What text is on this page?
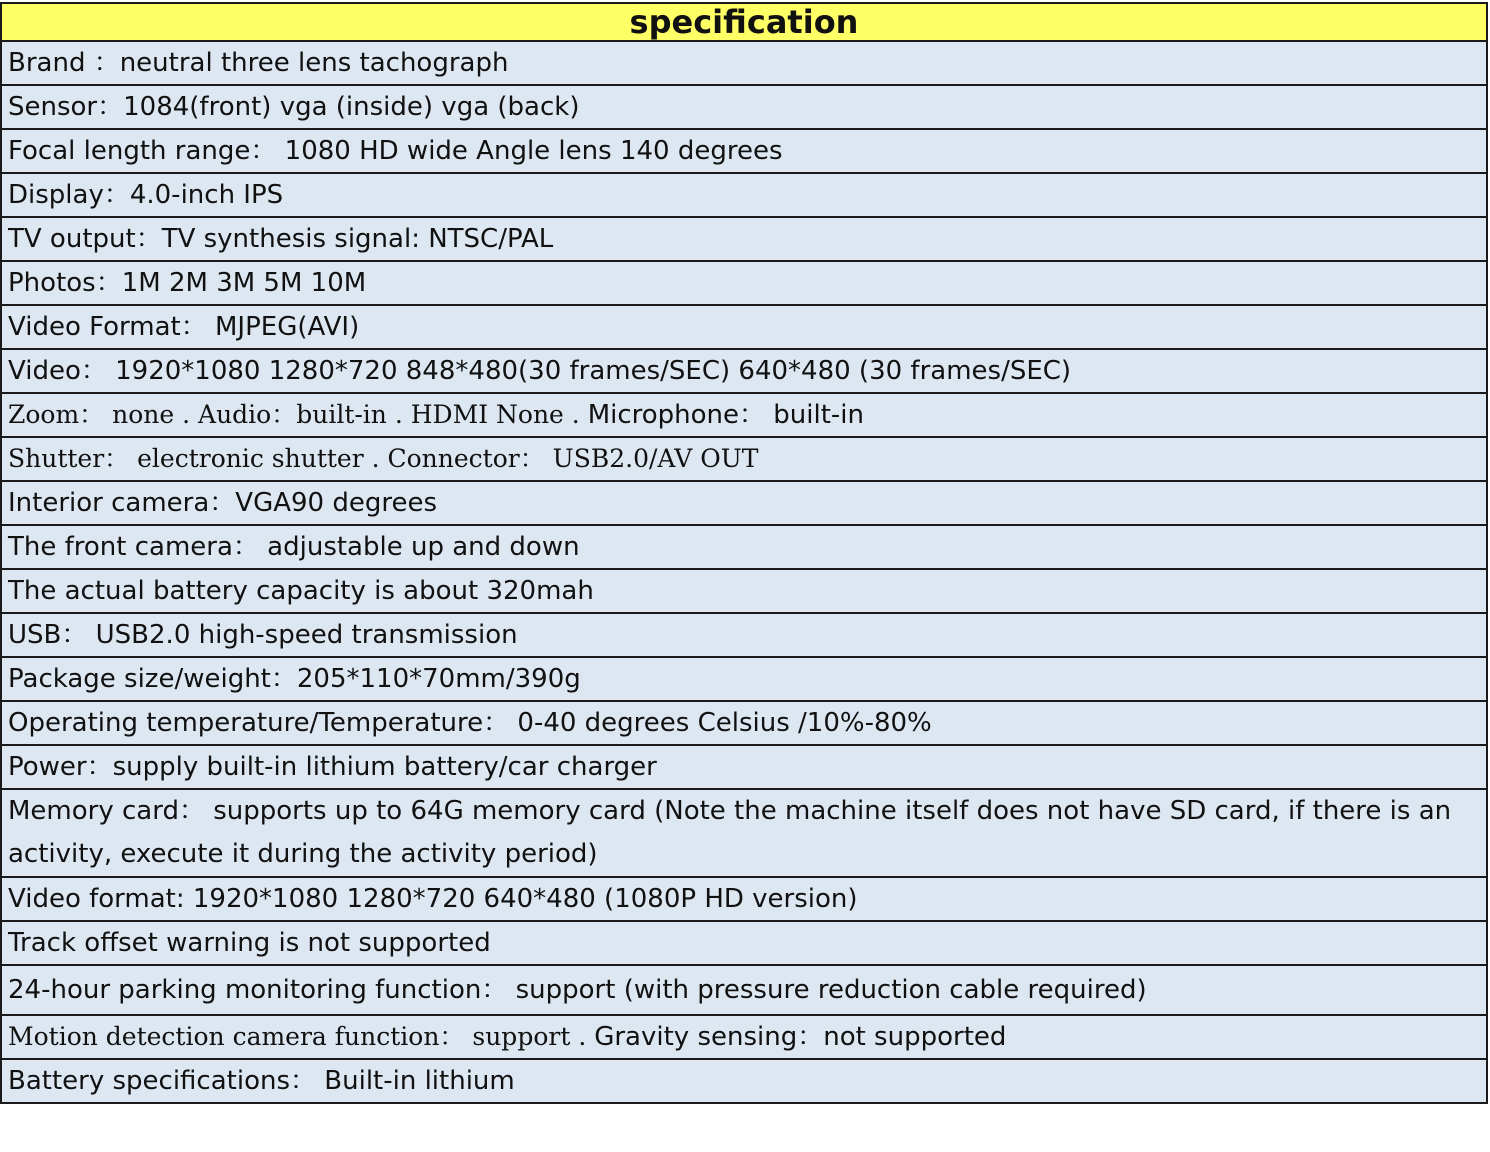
specification
Brand ：neutral three lens tachograph
Sensor：1084(front) vga (inside) vga (back)
Focal length range： 1080 HD wide Angle lens 140 degrees
Display：4.0-inch IPS
TV output：TV synthesis signal: NTSC/PAL
Photos：1M 2M 3M 5M 10M
Video Format： MJPEG(AVI)
Video： 1920*1080 1280*720 848*480(30 frames/SEC) 640*480 (30 frames/SEC)
Zoom： none . Audio：built-in . HDMI None . Microphone： built-in
Shutter： electronic shutter . Connector： USB2.0/AV OUT
Interior camera：VGA90 degrees
The front camera： adjustable up and down
The actual battery capacity is about 320mah
USB： USB2.0 high-speed transmission
Package size/weight：205*110*70mm/390g
Operating temperature/Temperature： 0-40 degrees Celsius /10%-80%
Power：supply built-in lithium battery/car charger
Memory card： supports up to 64G memory card (Note the machine itself does not have SD card, if there is an activity, execute it during the activity period)
Video format: 1920*1080 1280*720 640*480 (1080P HD version)
Track offset warning is not supported
24-hour parking monitoring function： support (with pressure reduction cable required)
Motion detection camera function： support . Gravity sensing：not supported
Battery specifications： Built-in lithium
